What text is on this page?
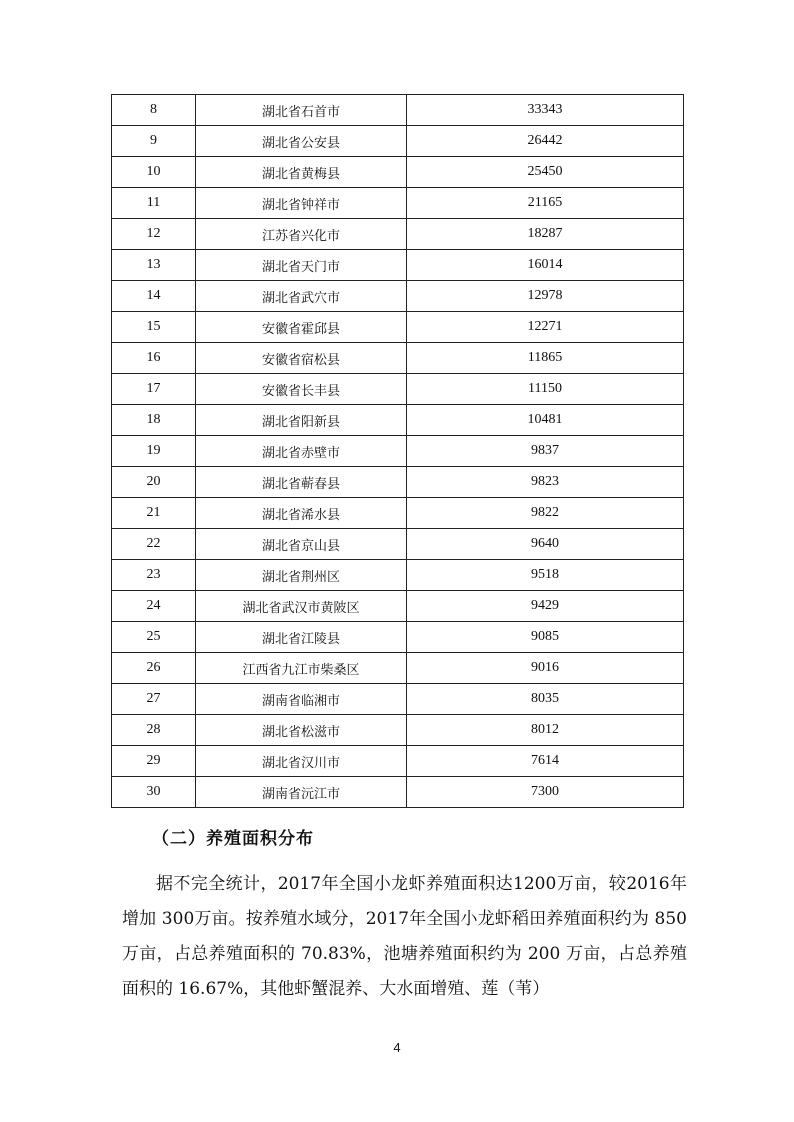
8	湖北省石首市	33343
9	湖北省公安县	26442
10	湖北省黄梅县	25450
11	湖北省钟祥市	21165
12	江苏省兴化市	18287
13	湖北省天门市	16014
14	湖北省武穴市	12978
15	安徽省霍邱县	12271
16	安徽省宿松县	11865
17	安徽省长丰县	11150
18	湖北省阳新县	10481
19	湖北省赤壁市	9837
20	湖北省蕲春县	9823
21	湖北省浠水县	9822
22	湖北省京山县	9640
23	湖北省荆州区	9518
24	湖北省武汉市黄陂区	9429
25	湖北省江陵县	9085
26	江西省九江市柴桑区	9016
27	湖南省临湘市	8035
28	湖北省松滋市	8012
29	湖北省汉川市	7614
30	湖南省沅江市	7300
（二）养殖面积分布

据不完全统计，2017年全国小龙虾养殖面积达1200万亩，较2016年增加 300万亩。按养殖水域分，2017年全国小龙虾稻田养殖面积约为 850万亩，占总养殖面积的 70.83%，池塘养殖面积约为 200 万亩，占总养殖面积的 16.67%，其他虾蟹混养、大水面增殖、莲（苇）

4
